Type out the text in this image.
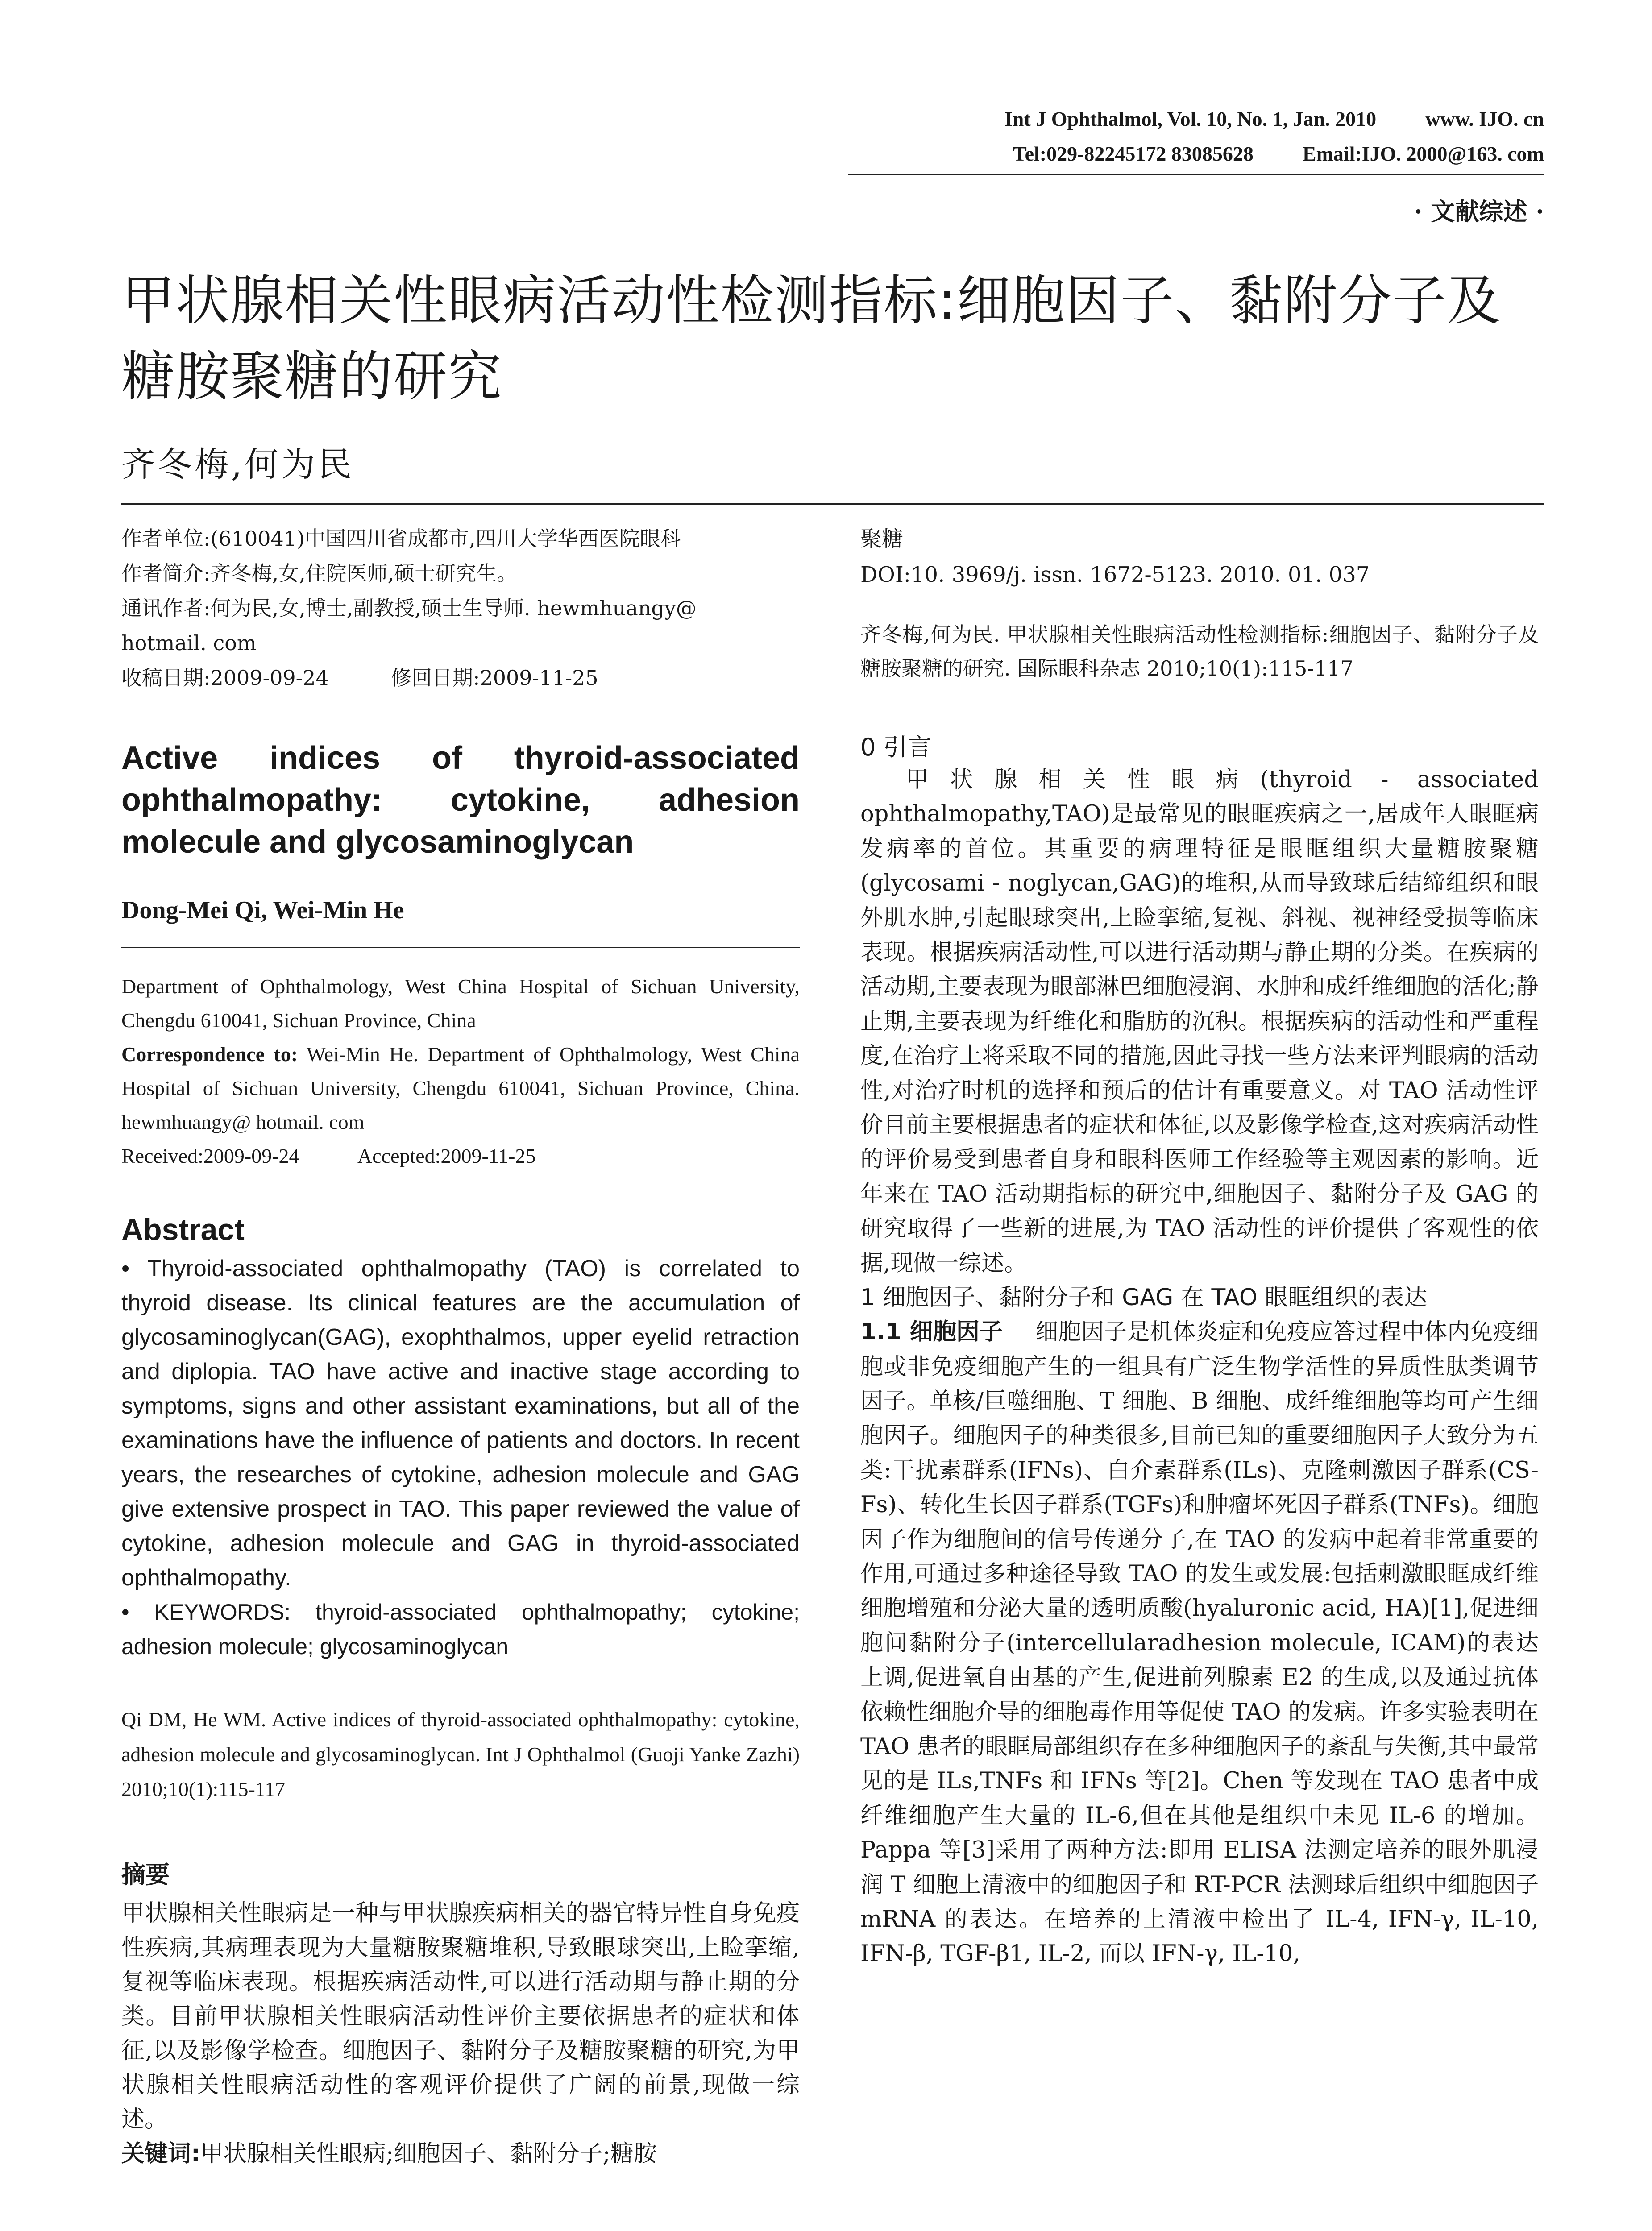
Int J Ophthalmol, Vol. 10, No. 1, Jan. 2010 www. IJO. cn
Tel:029-82245172 83085628 Email:IJO. 2000@163. com
· 文献综述 ·
甲状腺相关性眼病活动性检测指标:细胞因子、黏附分子及糖胺聚糖的研究
齐冬梅,何为民
作者单位:(610041)中国四川省成都市,四川大学华西医院眼科
作者简介:齐冬梅,女,住院医师,硕士研究生。
通讯作者:何为民,女,博士,副教授,硕士生导师. hewmhuangy@
hotmail. com
收稿日期:2009-09-24	修回日期:2009-11-25
Active indices of thyroid-associated ophthalmopathy: cytokine, adhesion molecule and glycosaminoglycan
Dong-Mei Qi, Wei-Min He
Department of Ophthalmology, West China Hospital of Sichuan University, Chengdu 610041, Sichuan Province, China
Correspondence to: Wei-Min He. Department of Ophthalmology, West China Hospital of Sichuan University, Chengdu 610041, Sichuan Province, China. hewmhuangy@ hotmail. com
Received:2009-09-24	Accepted:2009-11-25
Abstract
• Thyroid-associated ophthalmopathy (TAO) is correlated to thyroid disease. Its clinical features are the accumulation of glycosaminoglycan(GAG), exophthalmos, upper eyelid retraction and diplopia. TAO have active and inactive stage according to symptoms, signs and other assistant examinations, but all of the examinations have the influence of patients and doctors. In recent years, the researches of cytokine, adhesion molecule and GAG give extensive prospect in TAO. This paper reviewed the value of cytokine, adhesion molecule and GAG in thyroid-associated ophthalmopathy.
• KEYWORDS: thyroid-associated ophthalmopathy; cytokine; adhesion molecule; glycosaminoglycan
Qi DM, He WM. Active indices of thyroid-associated ophthalmopathy: cytokine, adhesion molecule and glycosaminoglycan. Int J Ophthalmol (Guoji Yanke Zazhi) 2010;10(1):115-117
摘要
甲状腺相关性眼病是一种与甲状腺疾病相关的器官特异性自身免疫性疾病,其病理表现为大量糖胺聚糖堆积,导致眼球突出,上睑挛缩,复视等临床表现。根据疾病活动性,可以进行活动期与静止期的分类。目前甲状腺相关性眼病活动性评价主要依据患者的症状和体征,以及影像学检查。细胞因子、黏附分子及糖胺聚糖的研究,为甲状腺相关性眼病活动性的客观评价提供了广阔的前景,现做一综述。
关键词:甲状腺相关性眼病;细胞因子、黏附分子;糖胺
聚糖
DOI:10. 3969/j. issn. 1672-5123. 2010. 01. 037
齐冬梅,何为民. 甲状腺相关性眼病活动性检测指标:细胞因子、黏附分子及糖胺聚糖的研究. 国际眼科杂志 2010;10(1):115-117
0 引言

甲状腺相关性眼病(thyroid - associated ophthalmopathy,TAO)是最常见的眼眶疾病之一,居成年人眼眶病发病率的首位。其重要的病理特征是眼眶组织大量糖胺聚糖(glycosami - noglycan,GAG)的堆积,从而导致球后结缔组织和眼外肌水肿,引起眼球突出,上睑挛缩,复视、斜视、视神经受损等临床表现。根据疾病活动性,可以进行活动期与静止期的分类。在疾病的活动期,主要表现为眼部淋巴细胞浸润、水肿和成纤维细胞的活化;静止期,主要表现为纤维化和脂肪的沉积。根据疾病的活动性和严重程度,在治疗上将采取不同的措施,因此寻找一些方法来评判眼病的活动性,对治疗时机的选择和预后的估计有重要意义。对 TAO 活动性评价目前主要根据患者的症状和体征,以及影像学检查,这对疾病活动性的评价易受到患者自身和眼科医师工作经验等主观因素的影响。近年来在 TAO 活动期指标的研究中,细胞因子、黏附分子及 GAG 的研究取得了一些新的进展,为 TAO 活动性的评价提供了客观性的依据,现做一综述。

1 细胞因子、黏附分子和 GAG 在 TAO 眼眶组织的表达

1.1 细胞因子 细胞因子是机体炎症和免疫应答过程中体内免疫细胞或非免疫细胞产生的一组具有广泛生物学活性的异质性肽类调节因子。单核/巨噬细胞、T 细胞、B 细胞、成纤维细胞等均可产生细胞因子。细胞因子的种类很多,目前已知的重要细胞因子大致分为五类:干扰素群系(IFNs)、白介素群系(ILs)、克隆刺激因子群系(CS-Fs)、转化生长因子群系(TGFs)和肿瘤坏死因子群系(TNFs)。细胞因子作为细胞间的信号传递分子,在 TAO 的发病中起着非常重要的作用,可通过多种途径导致 TAO 的发生或发展:包括刺激眼眶成纤维细胞增殖和分泌大量的透明质酸(hyaluronic acid, HA)[1],促进细胞间黏附分子(intercellularadhesion molecule, ICAM)的表达上调,促进氧自由基的产生,促进前列腺素 E2 的生成,以及通过抗体依赖性细胞介导的细胞毒作用等促使 TAO 的发病。许多实验表明在 TAO 患者的眼眶局部组织存在多种细胞因子的紊乱与失衡,其中最常见的是 ILs,TNFs 和 IFNs 等[2]。Chen 等发现在 TAO 患者中成纤维细胞产生大量的 IL-6,但在其他是组织中未见 IL-6 的增加。Pappa 等[3]采用了两种方法:即用 ELISA 法测定培养的眼外肌浸润 T 细胞上清液中的细胞因子和 RT-PCR 法测球后组织中细胞因子 mRNA 的表达。在培养的上清液中检出了 IL-4, IFN-γ, IL-10, IFN-β, TGF-β1, IL-2, 而以 IFN-γ, IL-10,
